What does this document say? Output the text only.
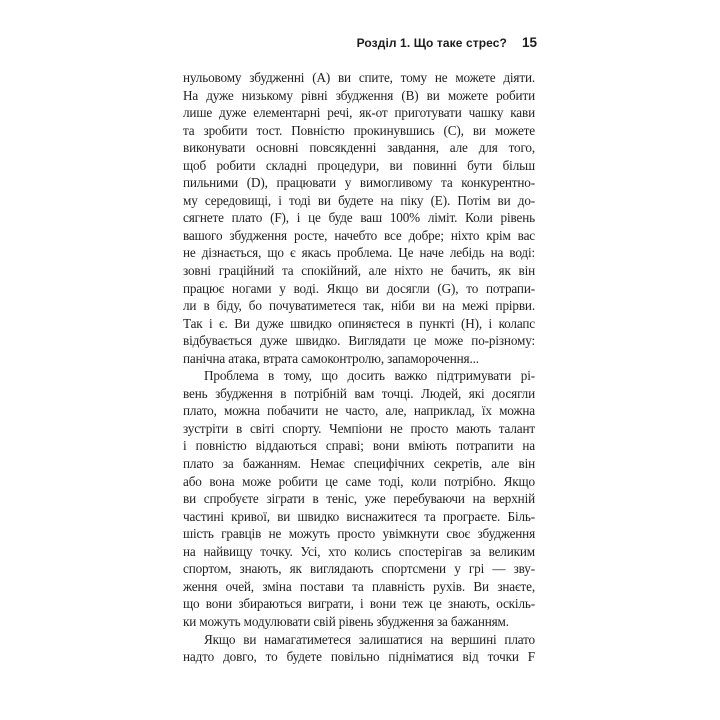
Розділ 1. Що таке стрес? 15
нульовому збудженні (A) ви спите, тому не можете діяти.
На дуже низькому рівні збудження (B) ви можете робити
лише дуже елементарні речі, як-от приготувати чашку кави
та зробити тост. Повністю прокинувшись (C), ви можете
виконувати основні повсякденні завдання, але для того,
щоб робити складні процедури, ви повинні бути більш
пильними (D), працювати у вимогливому та конкурентно-
му середовищі, і тоді ви будете на піку (E). Потім ви до-
сягнете плато (F), і це буде ваш 100% ліміт. Коли рівень
вашого збудження росте, начебто все добре; ніхто крім вас
не дізнається, що є якась проблема. Це наче лебідь на воді:
зовні граційний та спокійний, але ніхто не бачить, як він
працює ногами у воді. Якщо ви досягли (G), то потрапи-
ли в біду, бо почуватиметеся так, ніби ви на межі прірви.
Так і є. Ви дуже швидко опиняєтеся в пункті (H), і колапс
відбувається дуже швидко. Виглядати це може по-різному:
панічна атака, втрата самоконтролю, запаморочення...
Проблема в тому, що досить важко підтримувати рі-
вень збудження в потрібній вам точці. Людей, які досягли
плато, можна побачити не часто, але, наприклад, їх можна
зустріти в світі спорту. Чемпіони не просто мають талант
і повністю віддаються справі; вони вміють потрапити на
плато за бажанням. Немає специфічних секретів, але він
або вона може робити це саме тоді, коли потрібно. Якщо
ви спробуєте зіграти в теніс, уже перебуваючи на верхній
частині кривої, ви швидко виснажитеся та програєте. Біль-
шість гравців не можуть просто увімкнути своє збудження
на найвищу точку. Усі, хто колись спостерігав за великим
спортом, знають, як виглядають спортсмени у грі — зву-
ження очей, зміна постави та плавність рухів. Ви знаєте,
що вони збираються виграти, і вони теж це знають, оскіль-
ки можуть модулювати свій рівень збудження за бажанням.
Якщо ви намагатиметеся залишатися на вершині плато
надто довго, то будете повільно підніматися від точки F
